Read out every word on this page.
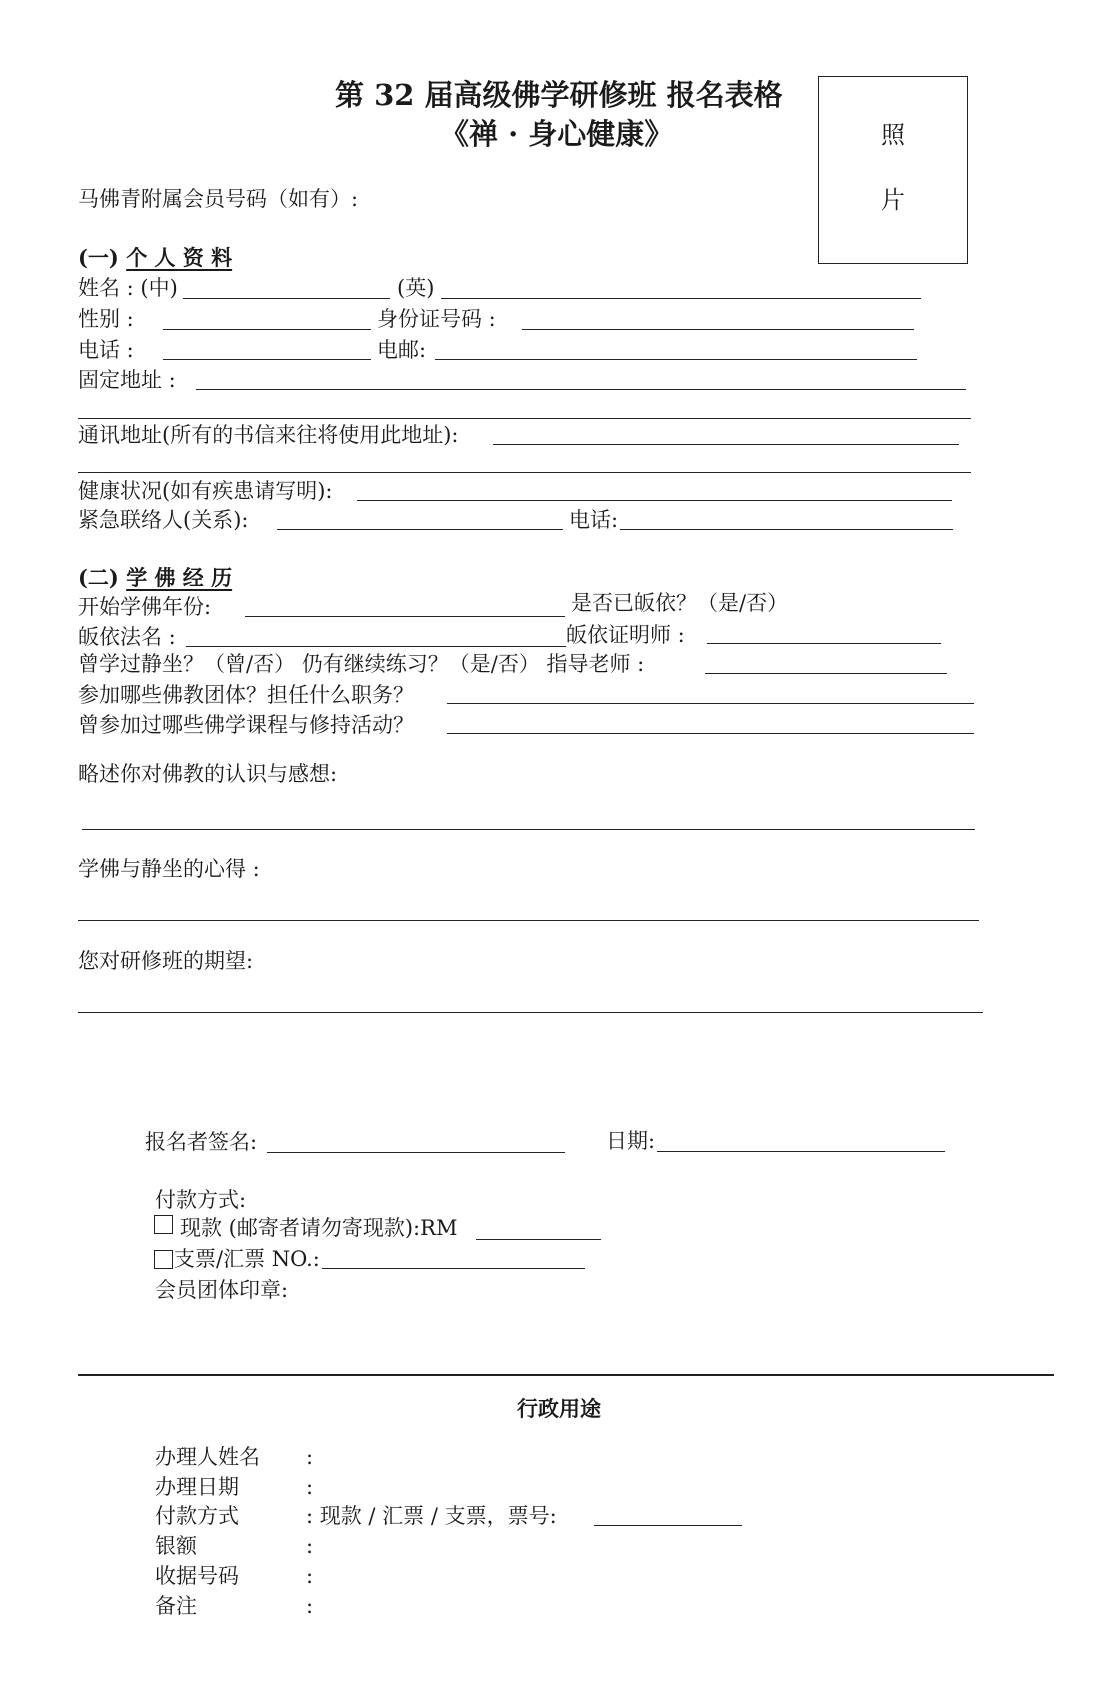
第 32 届高级佛学研修班 报名表格
《禅 · 身心健康》	照
片
马佛青附属会员号码（如有）:
(一) 个 人 资 料
姓名 : (中)	(英)
性别 :	身份证号码 :
电话 :	电邮:
固定地址 :
通讯地址(所有的书信来往将使用此地址):
健康状况(如有疾患请写明):
紧急联络人(关系):	电话:
(二) 学 佛 经 历
开始学佛年份:	是否已皈依？（是/否）
皈依法名 :	皈依证明师 :
曾学过静坐？（曾/否） 仍有继续练习？（是/否） 指导老师 :
参加哪些佛教团体？担任什么职务？
曾参加过哪些佛学课程与修持活动？
略述你对佛教的认识与感想:
学佛与静坐的心得 :
您对研修班的期望:
报名者签名:	日期:
付款方式:
现款 (邮寄者请勿寄现款):RM
支票/汇票 NO.:
会员团体印章:
行政用途
办理人姓名 :
办理日期	:
付款方式	: 现款 / 汇票 / 支票，票号:
银额	:
收据号码	:
备注	:
